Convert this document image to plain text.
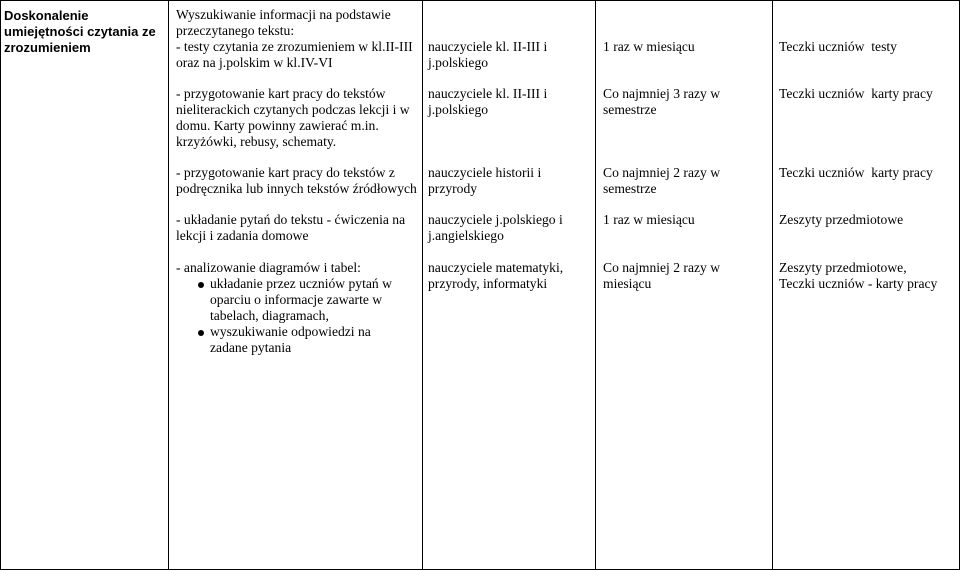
Doskonalenie umiejętności czytania ze zrozumieniem
Wyszukiwanie informacji na podstawie
przeczytanego tekstu:
- testy czytania ze zrozumieniem w kl.II-III
oraz na j.polskim w kl.IV-VI
nauczyciele kl. II-III i
j.polskiego
1 raz w miesiącu	Teczki uczniów  testy
- przygotowanie kart pracy do tekstów
nieliterackich czytanych podczas lekcji i w
domu. Karty powinny zawierać m.in.
krzyżówki, rebusy, schematy.
nauczyciele kl. II-III i
j.polskiego
Co najmniej 3 razy w
semestrze
Teczki uczniów  karty pracy
- przygotowanie kart pracy do tekstów z
podręcznika lub innych tekstów źródłowych
nauczyciele historii i
przyrody
Co najmniej 2 razy w
semestrze
Teczki uczniów  karty pracy
- układanie pytań do tekstu - ćwiczenia na
lekcji i zadania domowe
nauczyciele j.polskiego i
j.angielskiego
1 raz w miesiącu	Zeszyty przedmiotowe
- analizowanie diagramów i tabel:
układanie przez uczniów pytań w
oparciu o informacje zawarte w
tabelach, diagramach,
wyszukiwanie odpowiedzi na
zadane pytania
nauczyciele matematyki,
przyrody, informatyki
Co najmniej 2 razy w
miesiącu
Zeszyty przedmiotowe,
Teczki uczniów - karty pracy
